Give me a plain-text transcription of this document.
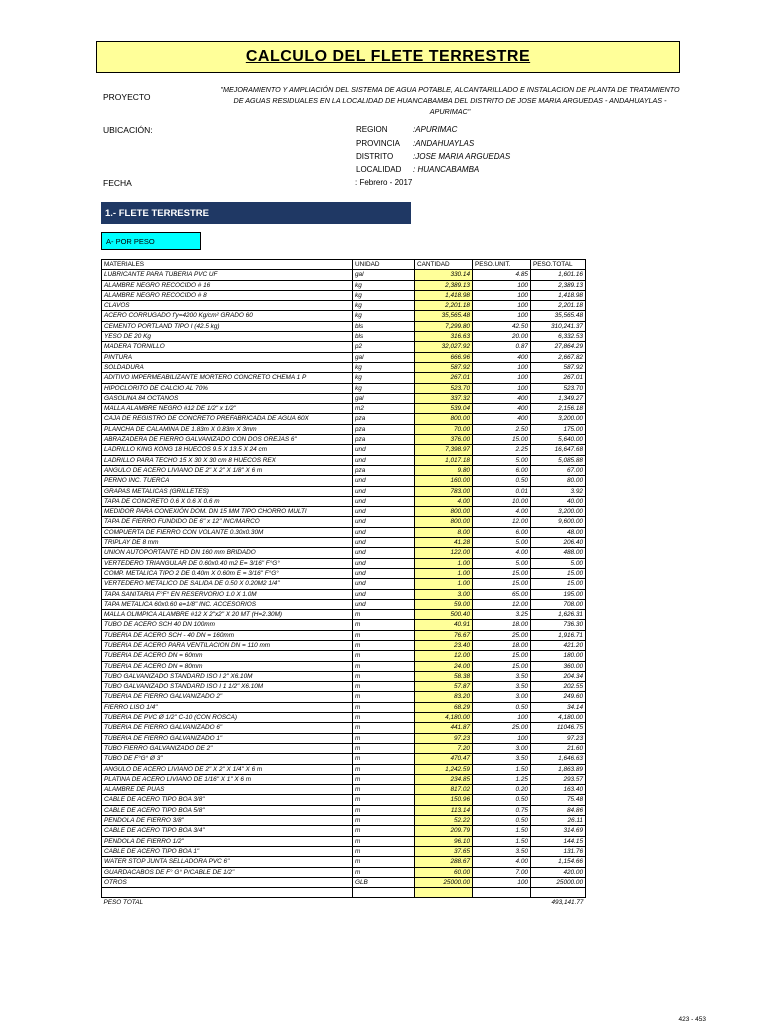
CALCULO DEL FLETE TERRESTRE
PROYECTO
"MEJORAMIENTO Y AMPLIACIÓN DEL SISTEMA DE AGUA POTABLE, ALCANTARILLADO E INSTALACION DE PLANTA DE TRATAMIENTO DE AGUAS RESIDUALES EN LA LOCALIDAD DE HUANCABAMBA DEL DISTRITO DE JOSE MARIA ARGUEDAS - ANDAHUAYLAS - APURIMAC"
UBICACIÓN:	REGION	:APURIMAC
PROVINCIA :ANDAHUAYLAS
DISTRITO :JOSE MARIA ARGUEDAS
LOCALIDAD : HUANCABAMBA
FECHA	: Febrero - 2017
1.- FLETE TERRESTRE
A- POR PESO
MATERIALES	UNIDAD	CANTIDAD	PESO.UNIT.	PESO.TOTAL
LUBRICANTE PARA TUBERIA PVC UF	gal	330.14	4.85	1,601.16
ALAMBRE NEGRO RECOCIDO # 16	kg	2,389.13	100	2,389.13
ALAMBRE NEGRO RECOCIDO # 8	kg	1,418.98	100	1,418.98
CLAVOS	kg	2,201.18	100	2,201.18
ACERO CORRUGADO f'y=4200 Kg/cm² GRADO 60	kg	35,565.48	100	35,565.48
CEMENTO PORTLAND TIPO I (42.5 kg)	bls	7,299.80	42.50	310,241.37
YESO DE 20 Kg	bls	316.63	20.00	6,332.53
MADERA TORNILLO	p2	32,027.92	0.87	27,864.29
PINTURA	gal	666.96	400	2,667.82
SOLDADURA	kg	587.92	100	587.92
ADITIVO IMPERMEABILIZANTE MORTERO CONCRETO CHEMA 1 P	kg	267.01	100	267.01
HIPOCLORITO DE CALCIO AL 70%	kg	523.70	100	523.70
GASOLINA 84 OCTANOS	gal	337.32	400	1,349.27
MALLA ALAMBRE NEGRO #12 DE 1/2" x 1/2"	m2	539.04	400	2,156.18
CAJA DE REGISTRO DE CONCRETO PREFABRICADA DE AGUA 60X	pza	800.00	400	3,200.00
PLANCHA DE CALAMINA DE 1.83m X 0.83m X 3mm	pza	70.00	2.50	175.00
ABRAZADERA DE FIERRO GALVANIZADO CON DOS OREJAS 6"	pza	376.00	15.00	5,640.00
LADRILLO KING KONG 18 HUECOS 9.5 X 13.5 X 24 cm	und	7,398.97	2.25	16,647.68
LADRILLO PARA TECHO 15 X 30 X 30 cm 8 HUECOS REX	und	1,017.18	5.00	5,085.88
ANGULO DE ACERO LIVIANO DE 2" X 2" X 1/8" X 6 m	pza	9.80	6.00	67.00
PERNO INC. TUERCA	und	160.00	0.50	80.00
GRAPAS METALICAS (GRILLETES)	und	783.00	0.01	3.92
TAPA DE CONCRETO 0.6 X 0.6 X 0.6 m	und	4.00	10.00	40.00
MEDIDOR PARA CONEXIÓN DOM. DN 15 MM TIPO CHORRO MULTI	und	800.00	4.00	3,200.00
TAPA DE FIERRO FUNDIDO DE 6" x 12" INC/MARCO	und	800.00	12.00	9,600.00
COMPUERTA DE FIERRO CON VOLANTE 0.30x0.30M	und	8.00	6.00	48.00
TRIPLAY DE 8 mm	und	41.28	5.00	206.40
UNION AUTOPORTANTE HD DN 160 mm BRIDADO	und	122.00	4.00	488.00
VERTEDERO TRIANGULAR DE 0.60x0.40 m2 E= 3/16" F°G°	und	1.00	5.00	5.00
COMP. METALICA TIPO 2 DE 0.40m X 0.60m E = 3/16" F°G°	und	1.00	15.00	15.00
VERTEDERO METALICO DE SALIDA DE 0.50 X 0.20M2 1/4"	und	1.00	15.00	15.00
TAPA SANITARIA F°F° EN RESERVORIO 1.0 X 1.0M	und	3.00	65.00	195.00
TAPA METALICA 60x0.60 e=1/8" INC. ACCESORIOS	und	59.00	12.00	708.00
MALLA OLIMPICA ALAMBRE #12 X 2"x2" X 20 MT (H=2.30M)	m	500.40	3.25	1,626.31
TUBO DE ACERO SCH 40 DN 100mm	m	40.91	18.00	736.30
TUBERIA DE ACERO SCH - 40 DN = 160mm	m	76.67	25.00	1,916.71
TUBERIA DE ACERO PARA VENTILACION DN = 110 mm	m	23.40	18.00	421.20
TUBERIA DE ACERO DN = 60mm	m	12.00	15.00	180.00
TUBERIA DE ACERO DN = 80mm	m	24.00	15.00	360.00
TUBO GALVANIZADO STANDARD ISO I 2" X6.10M	m	58.38	3.50	204.34
TUBO GALVANIZADO STANDARD ISO I 1 1/2" X6.10M	m	57.87	3.50	202.55
TUBERIA DE FIERRO GALVANIZADO 2"	m	83.20	3.00	249.60
FIERRO LISO 1/4"	m	68.29	0.50	34.14
TUBERIA DE PVC Ø 1/2" C-10 (CON ROSCA)	m	4,180.00	100	4,180.00
TUBERIA DE FIERRO GALVANIZADO 6"	m	441.87	25.00	11046.75
TUBERIA DE FIERRO GALVANIZADO 1"	m	97.23	100	97.23
TUBO FIERRO GALVANIZADO DE 2"	m	7.20	3.00	21.60
TUBO DE F°G° Ø 3"	m	470.47	3.50	1,646.63
ANGULO DE ACERO LIVIANO DE 2" X 2" X 1/4" X 6 m	m	1,242.59	1.50	1,863.89
PLATINA DE ACERO LIVIANO DE 1/16" X 1" X 6 m	m	234.85	1.25	293.57
ALAMBRE DE PUAS	m	817.02	0.20	163.40
CABLE DE ACERO TIPO BOA 3/8"	m	150.96	0.50	75.48
CABLE DE ACERO TIPO BOA 5/8"	m	113.14	0.75	84.86
PENDOLA DE FIERRO 3/8"	m	52.22	0.50	26.11
CABLE DE ACERO TIPO BOA 3/4"	m	209.79	1.50	314.69
PENDOLA DE FIERRO 1/2"	m	96.10	1.50	144.15
CABLE DE ACERO TIPO BOA 1"	m	37.65	3.50	131.76
WATER STOP JUNTA SELLADORA PVC 6"	m	288.67	4.00	1,154.66
GUARDACABOS DE F° G° P/CABLE DE 1/2"	m	60.00	7.00	420.00
OTROS	GLB	25000.00	100	25000.00

PESO TOTAL				493,141.77
423 - 453
